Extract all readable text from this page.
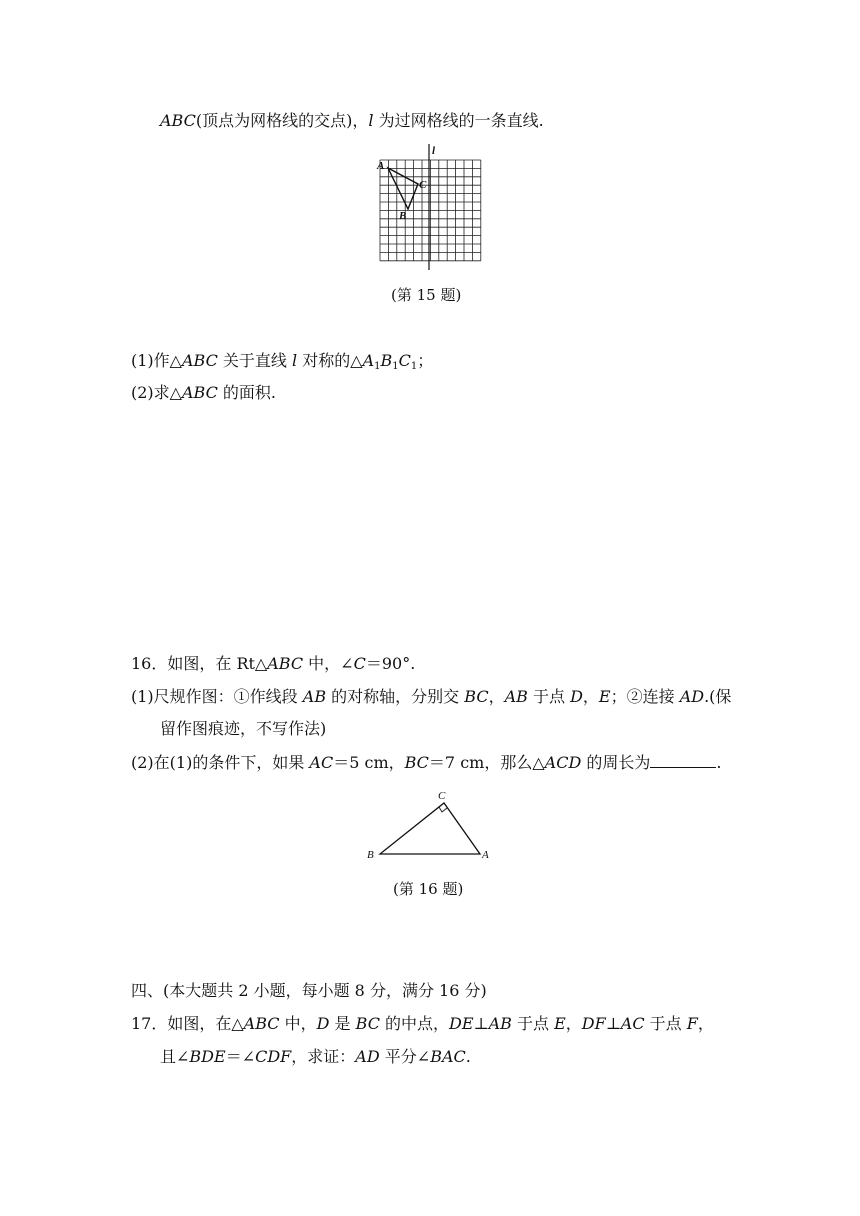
ABC(顶点为网格线的交点)，l 为过网格线的一条直线.
l
A
C
B
(第 15 题)
(1)作△ABC 关于直线 l 对称的$\triangle A_1B_1C_1$；
(2)求△ABC 的面积.
16．如图，在 Rt△ABC 中，∠C＝90°.
(1)尺规作图：①作线段 AB 的对称轴，分别交 BC，AB 于点 D，E；②连接 AD.(保
留作图痕迹，不写作法)
(2)在(1)的条件下，如果 AC＝5 cm，BC＝7 cm，那么△ACD 的周长为	.
C
B	A
(第 16 题)
四、(本大题共 2 小题，每小题 8 分，满分 16 分)
17．如图，在△ABC 中，D 是 BC 的中点，DE⊥AB 于点 E，DF⊥AC 于点 F，
且∠BDE＝∠CDF，求证：AD 平分∠BAC.
